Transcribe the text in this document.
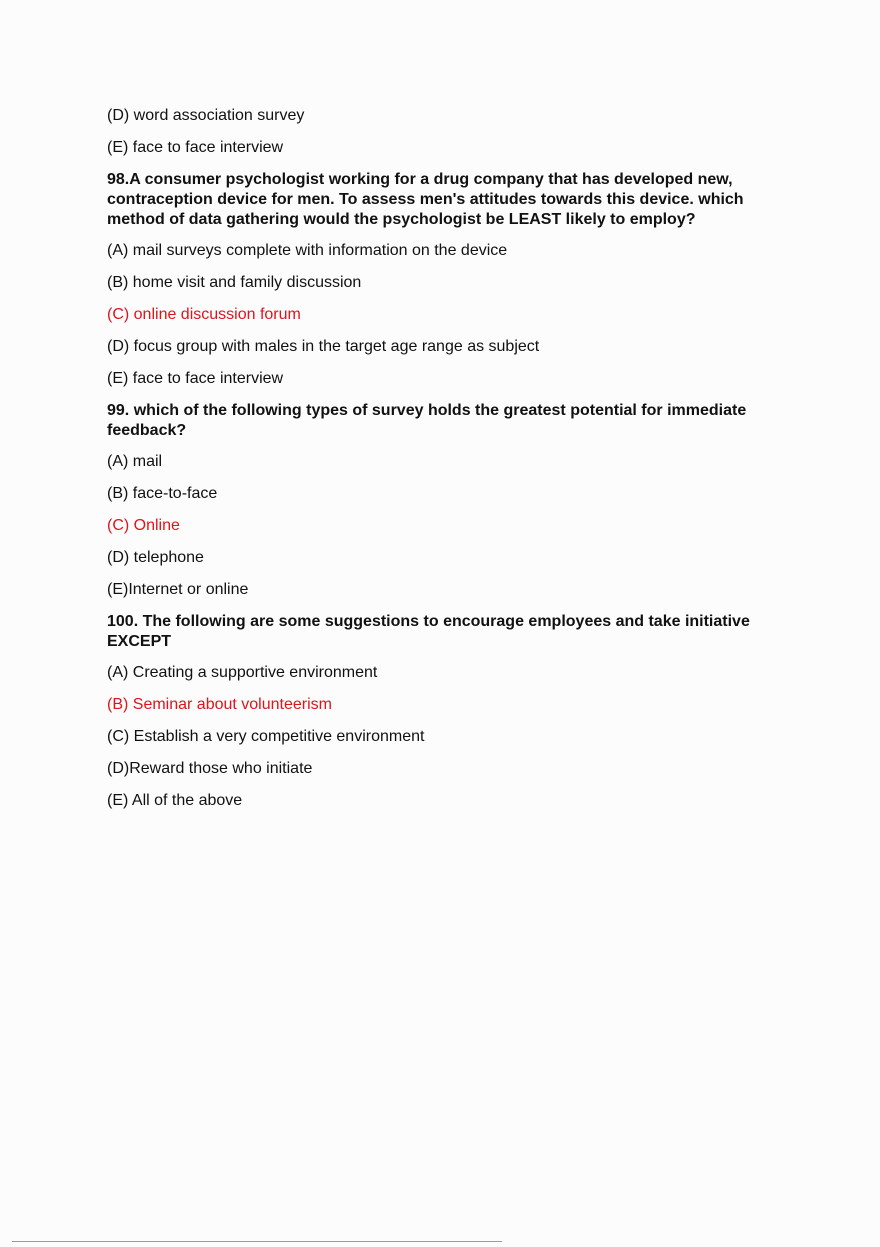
(D) word association survey

(E) face to face interview

98.A consumer psychologist working for a drug company that has developed new, contraception device for men. To assess men's attitudes towards this device. which method of data gathering would the psychologist be LEAST likely to employ?

(A) mail surveys complete with information on the device

(B) home visit and family discussion

(C) online discussion forum

(D) focus group with males in the target age range as subject

(E) face to face interview

99. which of the following types of survey holds the greatest potential for immediate feedback?

(A) mail

(B) face-to-face

(C) Online

(D) telephone

(E)Internet or online

100. The following are some suggestions to encourage employees and take initiative EXCEPT

(A) Creating a supportive environment

(B) Seminar about volunteerism

(C) Establish a very competitive environment

(D)Reward those who initiate

(E) All of the above
